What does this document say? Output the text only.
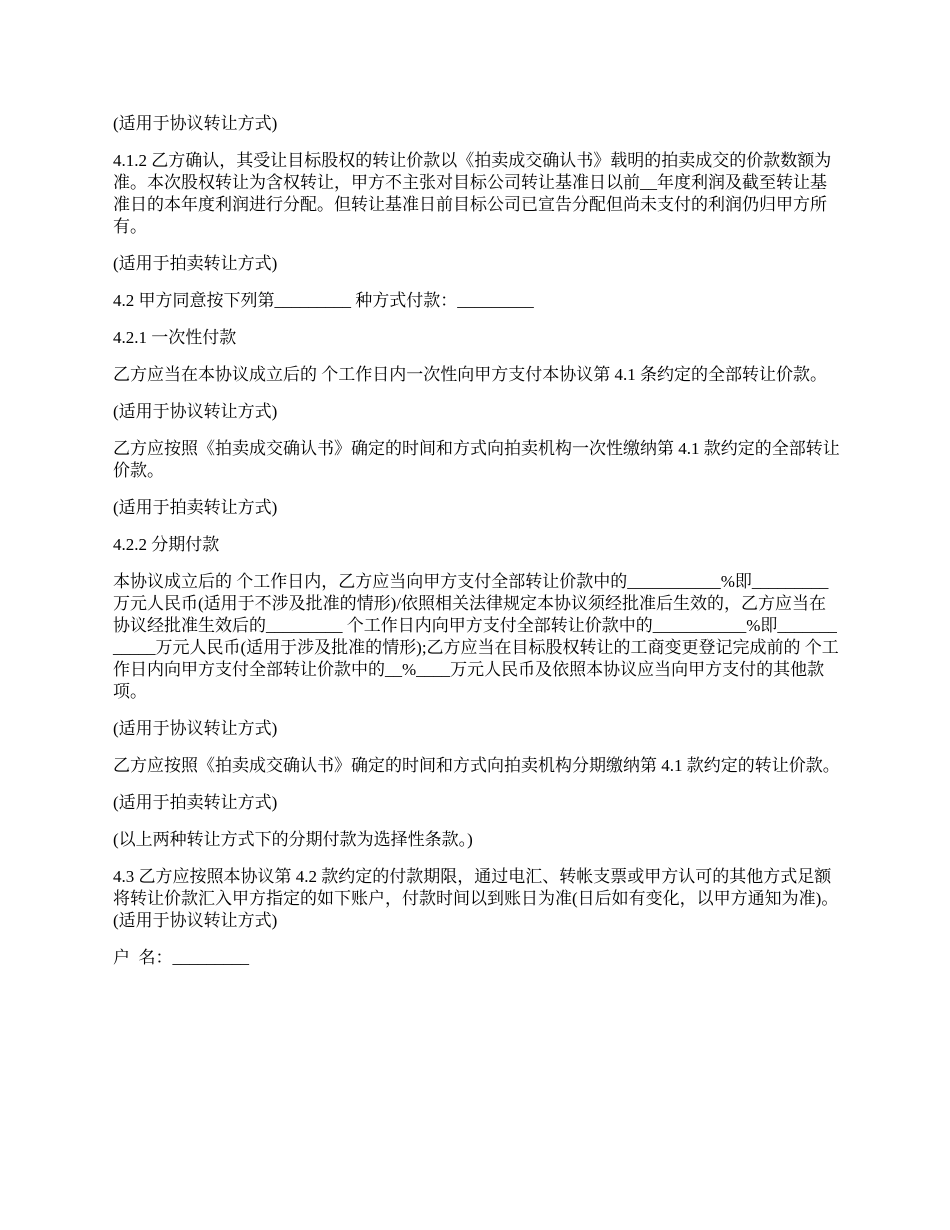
(适用于协议转让方式)

4.1.2 乙方确认，其受让目标股权的转让价款以《拍卖成交确认书》载明的拍卖成交的价款数额为准。本次股权转让为含权转让，甲方不主张对目标公司转让基准日以前__年度利润及截至转让基准日的本年度利润进行分配。但转让基准日前目标公司已宣告分配但尚未支付的利润仍归甲方所有。

(适用于拍卖转让方式)

4.2 甲方同意按下列第_________ 种方式付款：_________

4.2.1 一次性付款

乙方应当在本协议成立后的 个工作日内一次性向甲方支付本协议第 4.1 条约定的全部转让价款。

(适用于协议转让方式)

乙方应按照《拍卖成交确认书》确定的时间和方式向拍卖机构一次性缴纳第 4.1 款约定的全部转让价款。

(适用于拍卖转让方式)

4.2.2 分期付款

本协议成立后的 个工作日内，乙方应当向甲方支付全部转让价款中的___________%即_________ 万元人民币(适用于不涉及批准的情形)/依照相关法律规定本协议须经批准后生效的，乙方应当在协议经批准生效后的_________ 个工作日内向甲方支付全部转让价款中的___________%即____________万元人民币(适用于涉及批准的情形);乙方应当在目标股权转让的工商变更登记完成前的 个工作日内向甲方支付全部转让价款中的__%____万元人民币及依照本协议应当向甲方支付的其他款项。

(适用于协议转让方式)

乙方应按照《拍卖成交确认书》确定的时间和方式向拍卖机构分期缴纳第 4.1 款约定的转让价款。

(适用于拍卖转让方式)

(以上两种转让方式下的分期付款为选择性条款。)

4.3 乙方应按照本协议第 4.2 款约定的付款期限，通过电汇、转帐支票或甲方认可的其他方式足额将转让价款汇入甲方指定的如下账户，付款时间以到账日为准(日后如有变化，以甲方通知为准)。(适用于协议转让方式)

户  名：_________
